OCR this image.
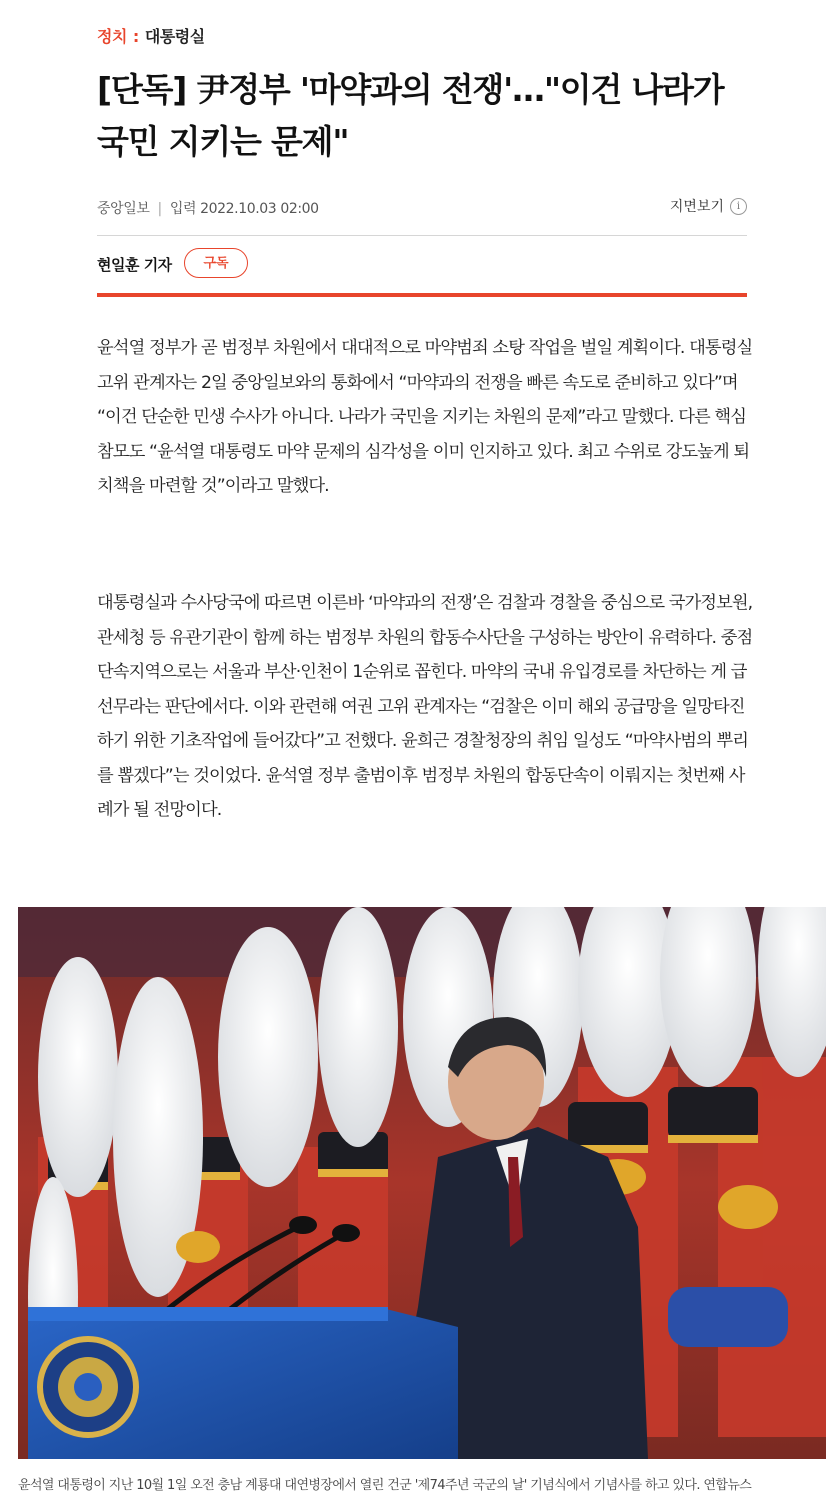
정치 : 대통령실
[단독] 尹정부 '마약과의 전쟁'…"이건 나라가 국민 지키는 문제"
중앙일보 | 입력 2022.10.03 02:00	지면보기	i
현일훈 기자	구독

윤석열 정부가 곧 범정부 차원에서 대대적으로 마약범죄 소탕 작업을 벌일 계획이다. 대통령실 고위 관계자는 2일 중앙일보와의 통화에서 “마약과의 전쟁을 빠른 속도로 준비하고 있다”며 “이건 단순한 민생 수사가 아니다. 나라가 국민을 지키는 차원의 문제”라고 말했다. 다른 핵심 참모도 “윤석열 대통령도 마약 문제의 심각성을 이미 인지하고 있다. 최고 수위로 강도높게 퇴치책을 마련할 것”이라고 말했다.

대통령실과 수사당국에 따르면 이른바 ‘마약과의 전쟁’은 검찰과 경찰을 중심으로 국가정보원, 관세청 등 유관기관이 함께 하는 범정부 차원의 합동수사단을 구성하는 방안이 유력하다. 중점 단속지역으로는 서울과 부산·인천이 1순위로 꼽힌다. 마약의 국내 유입경로를 차단하는 게 급선무라는 판단에서다. 이와 관련해 여권 고위 관계자는 “검찰은 이미 해외 공급망을 일망타진하기 위한 기초작업에 들어갔다”고 전했다. 윤희근 경찰청장의 취임 일성도 “마약사범의 뿌리를 뽑겠다”는 것이었다. 윤석열 정부 출범이후 범정부 차원의 합동단속이 이뤄지는 첫번째 사례가 될 전망이다.

윤석열 대통령이 지난 10월 1일 오전 충남 계룡대 대연병장에서 열린 건군 '제74주년 국군의 날' 기념식에서 기념사를 하고 있다. 연합뉴스
